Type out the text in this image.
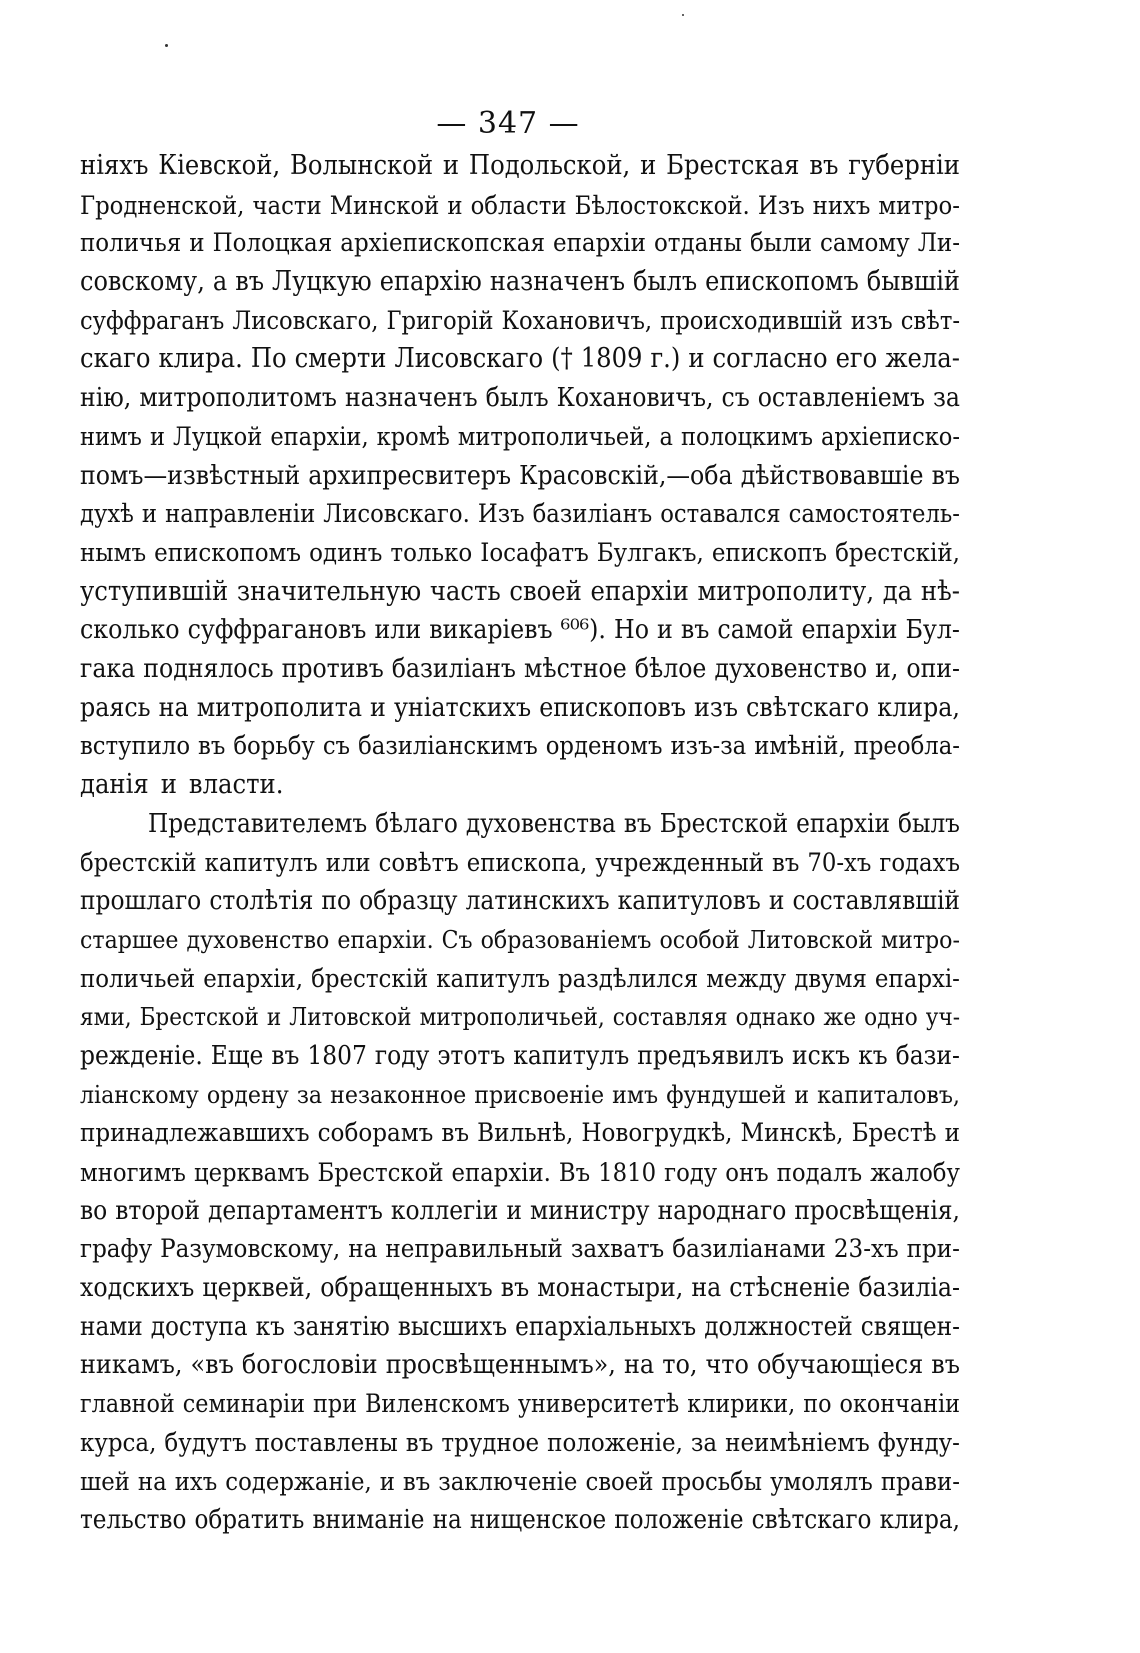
— 347 —
ніяхъ Кіевской, Волынской и Подольской, и Брестская въ губерніи
Гродненской, части Минской и области Бѣлостокской. Изъ нихъ митро-
поличья и Полоцкая архіепископская епархіи отданы были самому Ли-
совскому, а въ Луцкую епархію назначенъ былъ епископомъ бывшій
суффраганъ Лисовскаго, Григорій Кохановичъ, происходившій изъ свѣт-
скаго клира. По смерти Лисовскаго († 1809 г.) и согласно его жела-
нію, митрополитомъ назначенъ былъ Кохановичъ, съ оставленіемъ за
нимъ и Луцкой епархіи, кромѣ митрополичьей, а полоцкимъ архіеписко-
помъ—извѣстный архипресвитеръ Красовскій,—оба дѣйствовавшіе въ
духѣ и направленіи Лисовскаго. Изъ базиліанъ оставался самостоятель-
нымъ епископомъ одинъ только Іосафатъ Булгакъ, епископъ брестскій,
уступившій значительную часть своей епархіи митрополиту, да нѣ-
сколько суффрагановъ или викаріевъ ⁶⁰⁶). Но и въ самой епархіи Бул-
гака поднялось противъ базиліанъ мѣстное бѣлое духовенство и, опи-
раясь на митрополита и уніатскихъ епископовъ изъ свѣтскаго клира,
вступило въ борьбу съ базиліанскимъ орденомъ изъ-за имѣній, преобла-
данія и власти.
Представителемъ бѣлаго духовенства въ Брестской епархіи былъ
брестскій капитулъ или совѣтъ епископа, учрежденный въ 70-хъ годахъ
прошлаго столѣтія по образцу латинскихъ капитуловъ и составлявшій
старшее духовенство епархіи. Съ образованіемъ особой Литовской митро-
поличьей епархіи, брестскій капитулъ раздѣлился между двумя епархі-
ями, Брестской и Литовской митрополичьей, составляя однако же одно уч-
режденіе. Еще въ 1807 году этотъ капитулъ предъявилъ искъ къ бази-
ліанскому ордену за незаконное присвоеніе имъ фундушей и капиталовъ,
принадлежавшихъ соборамъ въ Вильнѣ, Новогрудкѣ, Минскѣ, Брестѣ и
многимъ церквамъ Брестской епархіи. Въ 1810 году онъ подалъ жалобу
во второй департаментъ коллегіи и министру народнаго просвѣщенія,
графу Разумовскому, на неправильный захватъ базиліанами 23-хъ при-
ходскихъ церквей, обращенныхъ въ монастыри, на стѣсненіе базиліа-
нами доступа къ занятію высшихъ епархіальныхъ должностей священ-
никамъ, «въ богословіи просвѣщеннымъ», на то, что обучающіеся въ
главной семинаріи при Виленскомъ университетѣ клирики, по окончаніи
курса, будутъ поставлены въ трудное положеніе, за неимѣніемъ фунду-
шей на ихъ содержаніе, и въ заключеніе своей просьбы умолялъ прави-
тельство обратить вниманіе на нищенское положеніе свѣтскаго клира,
